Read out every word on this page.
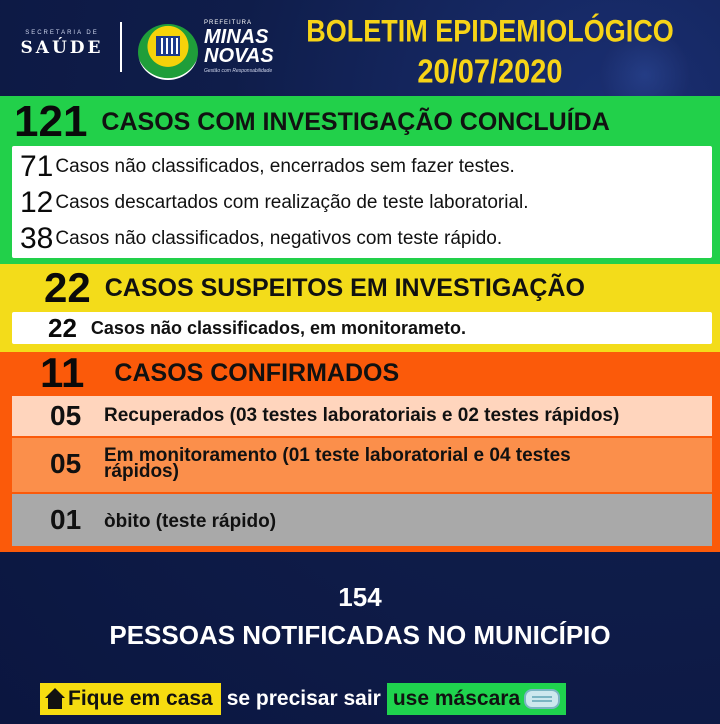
SECRETARIA DE
SAÚDE
PREFEITURA
MINAS
NOVAS
Gestão com Responsabilidade
BOLETIM EPIDEMIOLÓGICO
20/07/2020
121 CASOS COM INVESTIGAÇÃO CONCLUÍDA
71 Casos não classificados, encerrados sem fazer testes.
12 Casos descartados com realização de teste laboratorial.
38 Casos não classificados, negativos com teste rápido.
22 CASOS SUSPEITOS EM INVESTIGAÇÃO
22 Casos não classificados, em monitorameto.
11 CASOS CONFIRMADOS
05 Recuperados (03 testes laboratoriais e 02 testes rápidos)
05 Em monitoramento (01 teste laboratorial e 04 testes
rápidos)
01 òbito (teste rápido)
154
PESSOAS NOTIFICADAS NO MUNICÍPIO
Fique em casa se precisar sair use máscara
